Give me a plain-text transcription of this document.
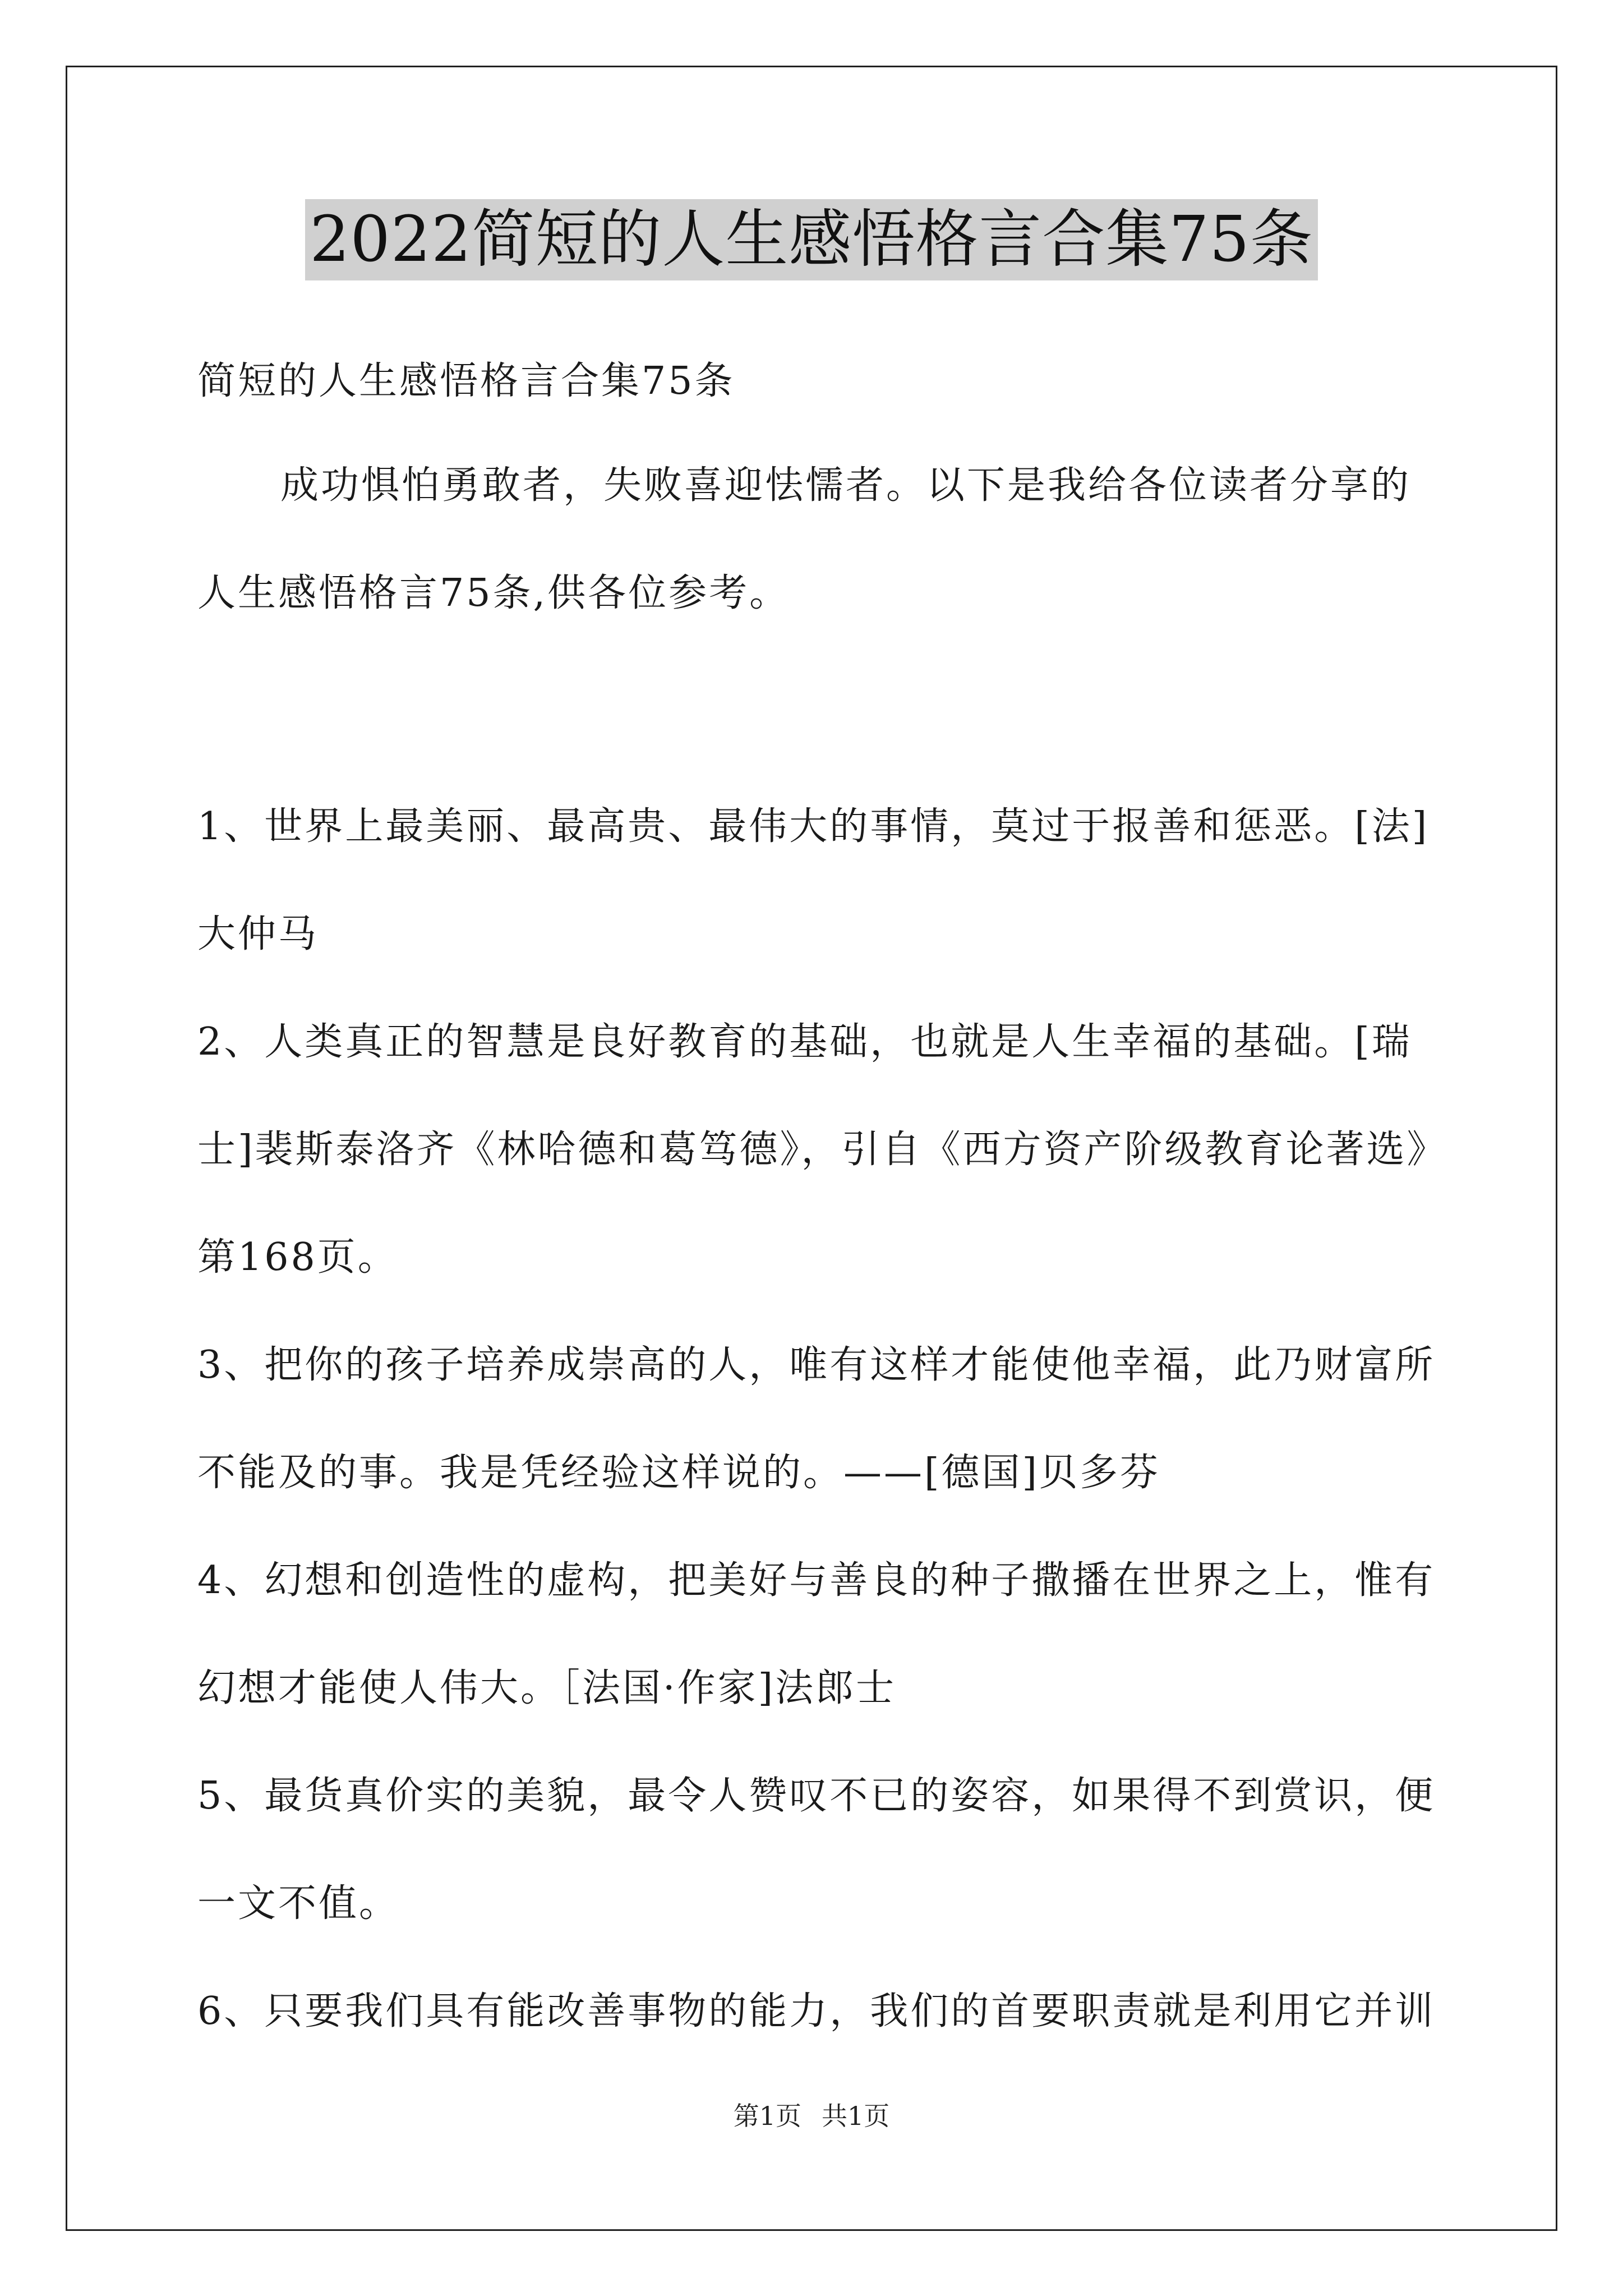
2022简短的人生感悟格言合集75条
简短的人生感悟格言合集75条
成功惧怕勇敢者，失败喜迎怯懦者。以下是我给各位读者分享的
人生感悟格言75条,供各位参考。
1、世界上最美丽、最高贵、最伟大的事情，莫过于报善和惩恶。[法]
大仲马
2、人类真正的智慧是良好教育的基础，也就是人生幸福的基础。[瑞
士]裴斯泰洛齐《林哈德和葛笃德》，引自《西方资产阶级教育论著选》
第168页。
3、把你的孩子培养成崇高的人，唯有这样才能使他幸福，此乃财富所
不能及的事。我是凭经验这样说的。——[德国]贝多芬
4、幻想和创造性的虚构，把美好与善良的种子撒播在世界之上，惟有
幻想才能使人伟大。［法国·作家]法郎士
5、最货真价实的美貌，最令人赞叹不已的姿容，如果得不到赏识，便
一文不值。
6、只要我们具有能改善事物的能力，我们的首要职责就是利用它并训
第1页 共1页
